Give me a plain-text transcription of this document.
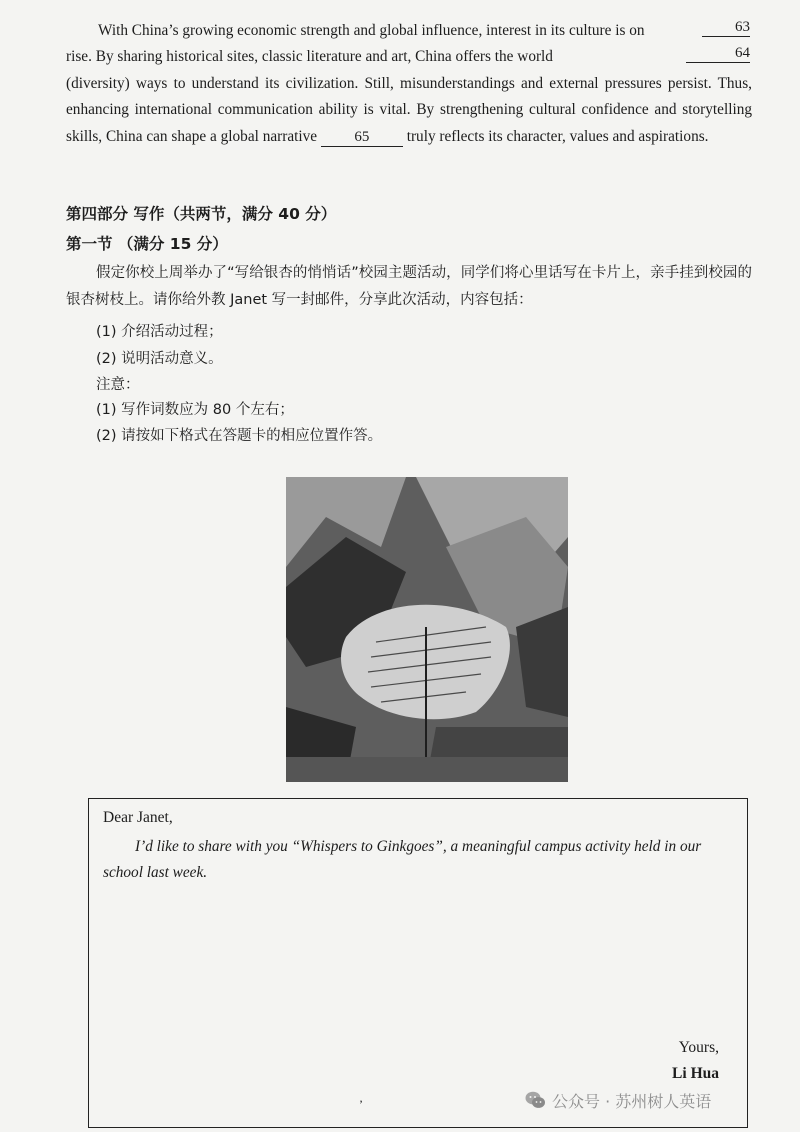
With China’s growing economic strength and global influence, interest in its culture is on	63

rise. By sharing historical sites, classic literature and art, China offers the world	64
(diversity) ways to understand its civilization. Still, misunderstandings and external pressures persist. Thus, enhancing international communication ability is vital. By strengthening cultural confidence and storytelling skills, China can shape a global narrative 65 truly reflects its character, values and aspirations.
第四部分 写作（共两节，满分 40 分）
第一节 （满分 15 分）
假定你校上周举办了“写给银杏的悄悄话”校园主题活动，同学们将心里话写在卡片上，亲手挂到校园的银杏树枝上。请你给外教 Janet 写一封邮件，分享此次活动，内容包括：
(1) 介绍活动过程；
(2) 说明活动意义。
注意：
(1) 写作词数应为 80 个左右；
(2) 请按如下格式在答题卡的相应位置作答。
Dear Janet,
I’d like to share with you “Whispers to Ginkgoes”, a meaningful campus activity held in our school last week.
Yours,
Li Hua
’	公众号 · 苏州树人英语
